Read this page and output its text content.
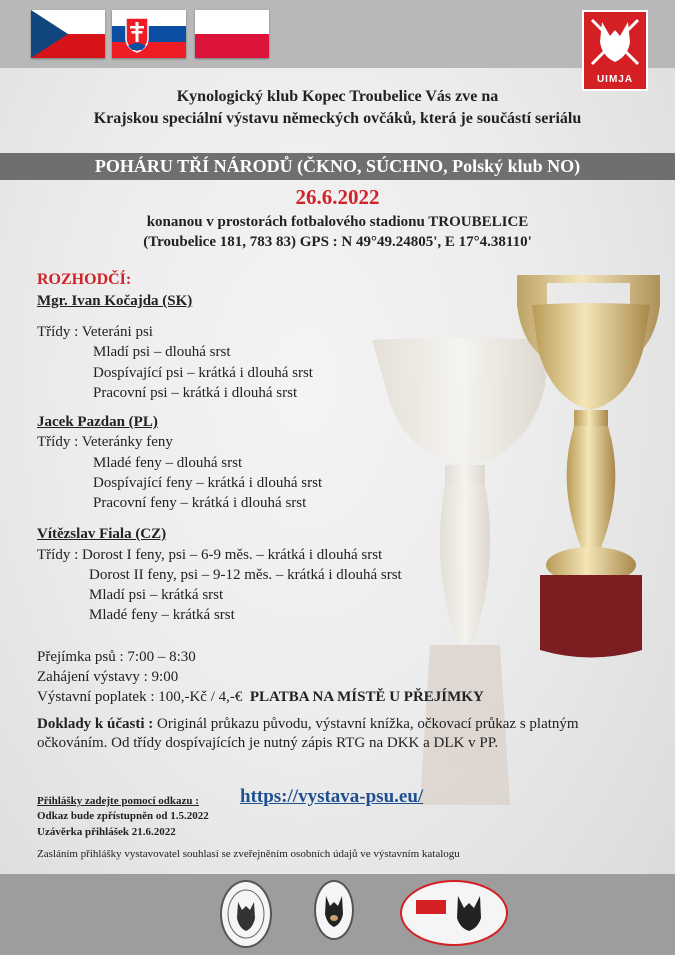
UIMJA
Kynologický klub Kopec Troubelice Vás zve na
Krajskou speciální výstavu německých ovčáků, která je součástí seriálu
POHÁRU TŘÍ NÁRODŮ (ČKNO, SÚCHNO, Polský klub NO)
26.6.2022
konanou v prostorách fotbalového stadionu TROUBELICE
(Troubelice 181, 783 83) GPS : N 49°49.24805', E 17°4.38110'
ROZHODČÍ:
Mgr. Ivan Kočajda (SK)
Třídy : Veteráni psi
Mladí psi – dlouhá srst
Dospívající psi – krátká i dlouhá srst
Pracovní psi – krátká i dlouhá srst
Jacek Pazdan (PL)
Třídy : Veteránky feny
Mladé feny – dlouhá srst
Dospívající feny – krátká i dlouhá srst
Pracovní feny – krátká i dlouhá srst
Vítězslav Fiala (CZ)
Třídy : Dorost I feny, psi – 6-9 měs. – krátká i dlouhá srst
Dorost II feny, psi – 9-12 měs. – krátká i dlouhá srst
Mladí psi – krátká srst
Mladé feny – krátká srst
Přejímka psů : 7:00 – 8:30
Zahájení výstavy : 9:00
Výstavní poplatek : 100,-Kč / 4,-€ PLATBA NA MÍSTĚ U PŘEJÍMKY
Doklady k účasti : Originál průkazu původu, výstavní knížka, očkovací průkaz s platným očkováním. Od třídy dospívajících je nutný zápis RTG na DKK a DLK v PP.
Přihlášky zadejte pomocí odkazu : https://vystava-psu.eu/
Odkaz bude zpřístupněn od 1.5.2022
Uzávěrka přihlášek 21.6.2022
Zasláním přihlášky vystavovatel souhlasí se zveřejněním osobních údajů ve výstavním katalogu
